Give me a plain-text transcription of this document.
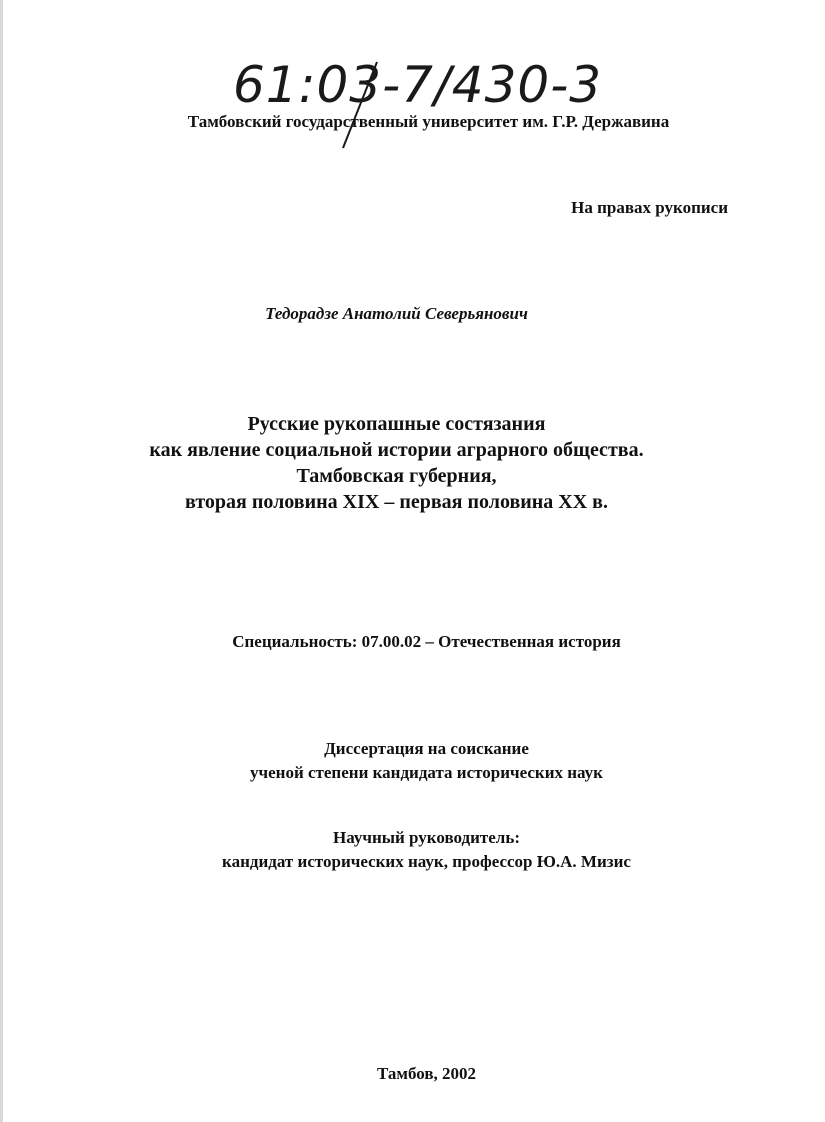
61:03-7/430-3
Тамбовский государственный университет им. Г.Р. Державина
На правах рукописи
Тедорадзе Анатолий Северьянович
Русские рукопашные состязания
как явление социальной истории аграрного общества.
Тамбовская губерния,
вторая половина XIX – первая половина XX в.
Специальность: 07.00.02 – Отечественная история
Диссертация на соискание
ученой степени кандидата исторических наук
Научный руководитель:
кандидат исторических наук, профессор Ю.А. Мизис
Тамбов, 2002
